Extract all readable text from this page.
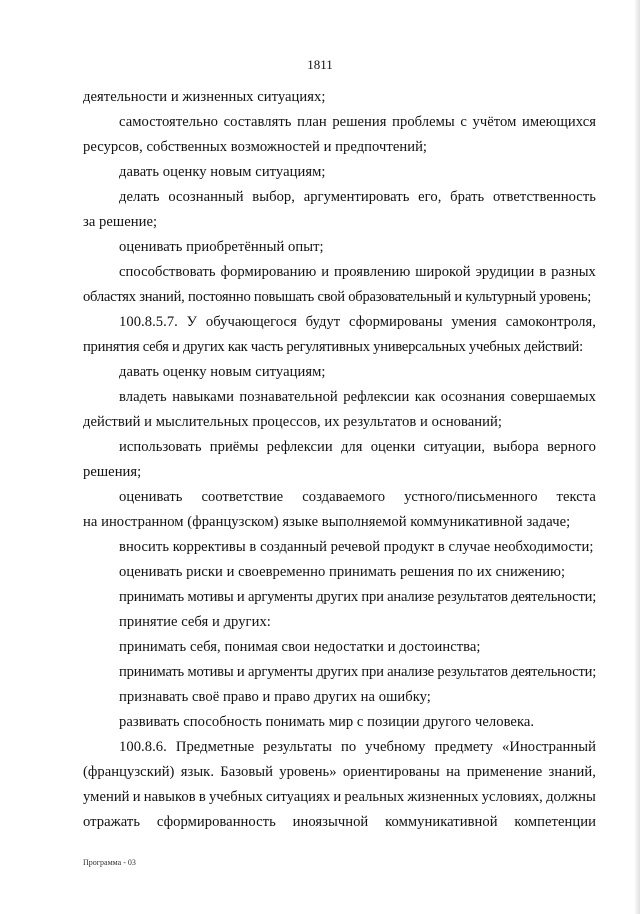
1811
деятельности и жизненных ситуациях;
самостоятельно составлять план решения проблемы с учётом имеющихся
ресурсов, собственных возможностей и предпочтений;
давать оценку новым ситуациям;
делать осознанный выбор, аргументировать его, брать ответственность
за решение;
оценивать приобретённый опыт;
способствовать формированию и проявлению широкой эрудиции в разных
областях знаний, постоянно повышать свой образовательный и культурный уровень;
100.8.5.7. У обучающегося будут сформированы умения самоконтроля,
принятия себя и других как часть регулятивных универсальных учебных действий:
давать оценку новым ситуациям;
владеть навыками познавательной рефлексии как осознания совершаемых
действий и мыслительных процессов, их результатов и оснований;
использовать приёмы рефлексии для оценки ситуации, выбора верного
решения;
оценивать соответствие создаваемого устного/письменного текста
на иностранном (французском) языке выполняемой коммуникативной задаче;
вносить коррективы в созданный речевой продукт в случае необходимости;
оценивать риски и своевременно принимать решения по их снижению;
принимать мотивы и аргументы других при анализе результатов деятельности;
принятие себя и других:
принимать себя, понимая свои недостатки и достоинства;
принимать мотивы и аргументы других при анализе результатов деятельности;
признавать своё право и право других на ошибку;
развивать способность понимать мир с позиции другого человека.
100.8.6. Предметные результаты по учебному предмету «Иностранный
(французский) язык. Базовый уровень» ориентированы на применение знаний,
умений и навыков в учебных ситуациях и реальных жизненных условиях, должны
отражать сформированность иноязычной коммуникативной компетенции
Программа - 03
